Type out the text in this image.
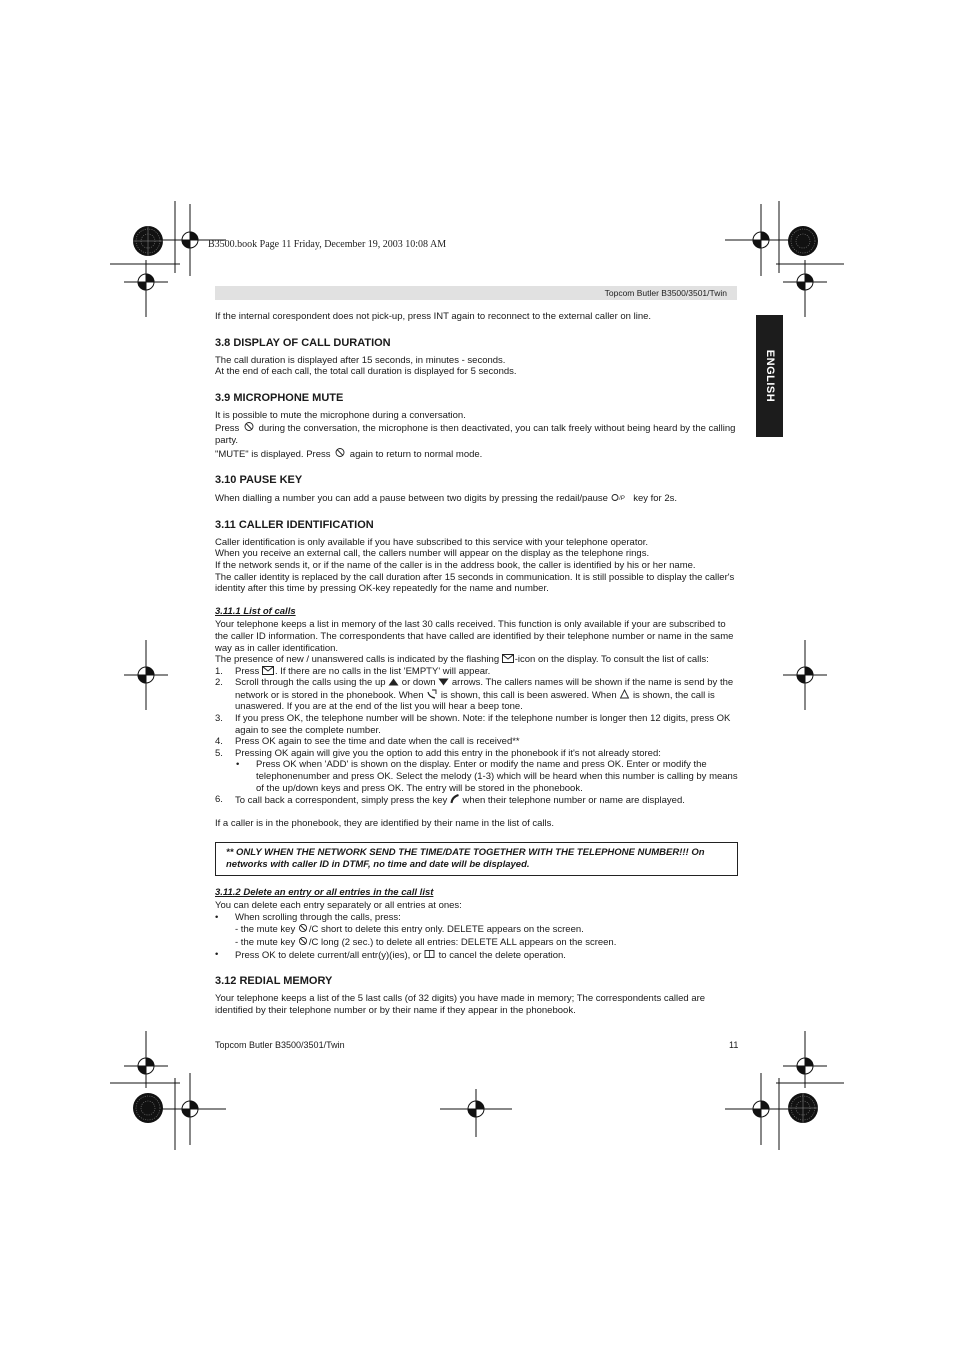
B3500.book Page 11 Friday, December 19, 2003 10:08 AM
Topcom Butler B3500/3501/Twin
ENGLISH

If the internal corespondent does not pick-up, press INT again to reconnect to the external caller on line.

3.8 DISPLAY OF CALL DURATION

The call duration is displayed after 15 seconds, in minutes - seconds.

At the end of each call, the total call duration is displayed for 5 seconds.

3.9 MICROPHONE MUTE

It is possible to mute the microphone during a conversation.

Press during the conversation, the microphone is then deactivated, you can talk freely without being heard by the calling party.

"MUTE" is displayed. Press again to return to normal mode.

3.10 PAUSE KEY

When dialling a number you can add a pause between two digits by pressing the redail/pause /P key for 2s.

3.11 CALLER IDENTIFICATION

Caller identification is only available if you have subscribed to this service with your telephone operator.

When you receive an external call, the callers number will appear on the display as the telephone rings.

If the network sends it, or if the name of the caller is in the address book, the caller is identified by his or her name.

The caller identity is replaced by the call duration after 15 seconds in communication. It is still possible to display the caller's identity after this time by pressing OK-key repeatedly for the name and number.

3.11.1 List of calls

Your telephone keeps a list in memory of the last 30 calls received. This function is only available if your are subscribed to the caller ID information. The correspondents that have called are identified by their telephone number or name in the same way as in caller identification.

The presence of new / unanswered calls is indicated by the flashing -icon on the display. To consult the list of calls:

1. Press . If there are no calls in the list 'EMPTY' will appear.
2. Scroll through the calls using the up or down arrows. The callers names will be shown if the name is send by the network or is stored in the phonebook. When is shown, this call is been aswered. When is shown, the call is unaswered. If you are at the end of the list you will hear a beep tone.
3. If you press OK, the telephone number will be shown. Note: if the telephone number is longer then 12 digits, press OK again to see the complete number.
4. Press OK again to see the time and date when the call is received**
5. Pressing OK again will give you the option to add this entry in the phonebook if it's not already stored:
• Press OK when 'ADD' is shown on the display. Enter or modify the name and press OK. Enter or modify the telephonenumber and press OK. Select the melody (1-3) which will be heard when this number is calling by means of the up/down keys and press OK. The entry will be stored in the phonebook.
6. To call back a correspondent, simply press the key when their telephone number or name are displayed.

If a caller is in the phonebook, they are identified by their name in the list of calls.

** ONLY WHEN THE NETWORK SEND THE TIME/DATE TOGETHER WITH THE TELEPHONE NUMBER!!! On networks with caller ID in DTMF, no time and date will be displayed.
3.11.2 Delete an entry or all entries in the call list

You can delete each entry separately or all entries at ones:

• When scrolling through the calls, press:
- the mute key /C short to delete this entry only. DELETE appears on the screen.
- the mute key /C long (2 sec.) to delete all entries: DELETE ALL appears on the screen.
• Press OK to delete current/all entr(y)(ies), or to cancel the delete operation.
3.12 REDIAL MEMORY

Your telephone keeps a list of the 5 last calls (of 32 digits) you have made in memory; The correspondents called are identified by their telephone number or by their name if they appear in the phonebook.

Topcom Butler B3500/3501/Twin	11
